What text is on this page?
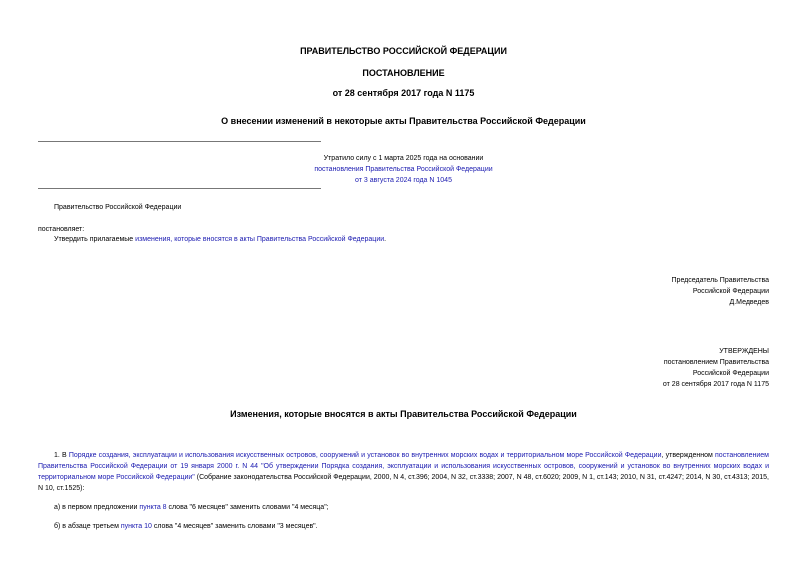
ПРАВИТЕЛЬСТВО РОССИЙСКОЙ ФЕДЕРАЦИИ
ПОСТАНОВЛЕНИЕ
от 28 сентября 2017 года N 1175
О внесении изменений в некоторые акты Правительства Российской Федерации
Утратило силу с 1 марта 2025 года на основании
постановления Правительства Российской Федерации
от 3 августа 2024 года N 1045
Правительство Российской Федерации
постановляет:
Утвердить прилагаемые изменения, которые вносятся в акты Правительства Российской Федерации.
Председатель Правительства
Российской Федерации
Д.Медведев
УТВЕРЖДЕНЫ
постановлением Правительства
Российской Федерации
от 28 сентября 2017 года N 1175
Изменения, которые вносятся в акты Правительства Российской Федерации
1. В Порядке создания, эксплуатации и использования искусственных островов, сооружений и установок во внутренних морских водах и территориальном море Российской Федерации, утвержденном постановлением Правительства Российской Федерации от 19 января 2000 г. N 44 "Об утверждении Порядка создания, эксплуатации и использования искусственных островов, сооружений и установок во внутренних морских водах и территориальном море Российской Федерации" (Собрание законодательства Российской Федерации, 2000, N 4, ст.396; 2004, N 32, ст.3338; 2007, N 48, ст.6020; 2009, N 1, ст.143; 2010, N 31, ст.4247; 2014, N 30, ст.4313; 2015, N 10, ст.1525):
а) в первом предложении пункта 8 слова "6 месяцев" заменить словами "4 месяца";
б) в абзаце третьем пункта 10 слова "4 месяцев" заменить словами "3 месяцев".
